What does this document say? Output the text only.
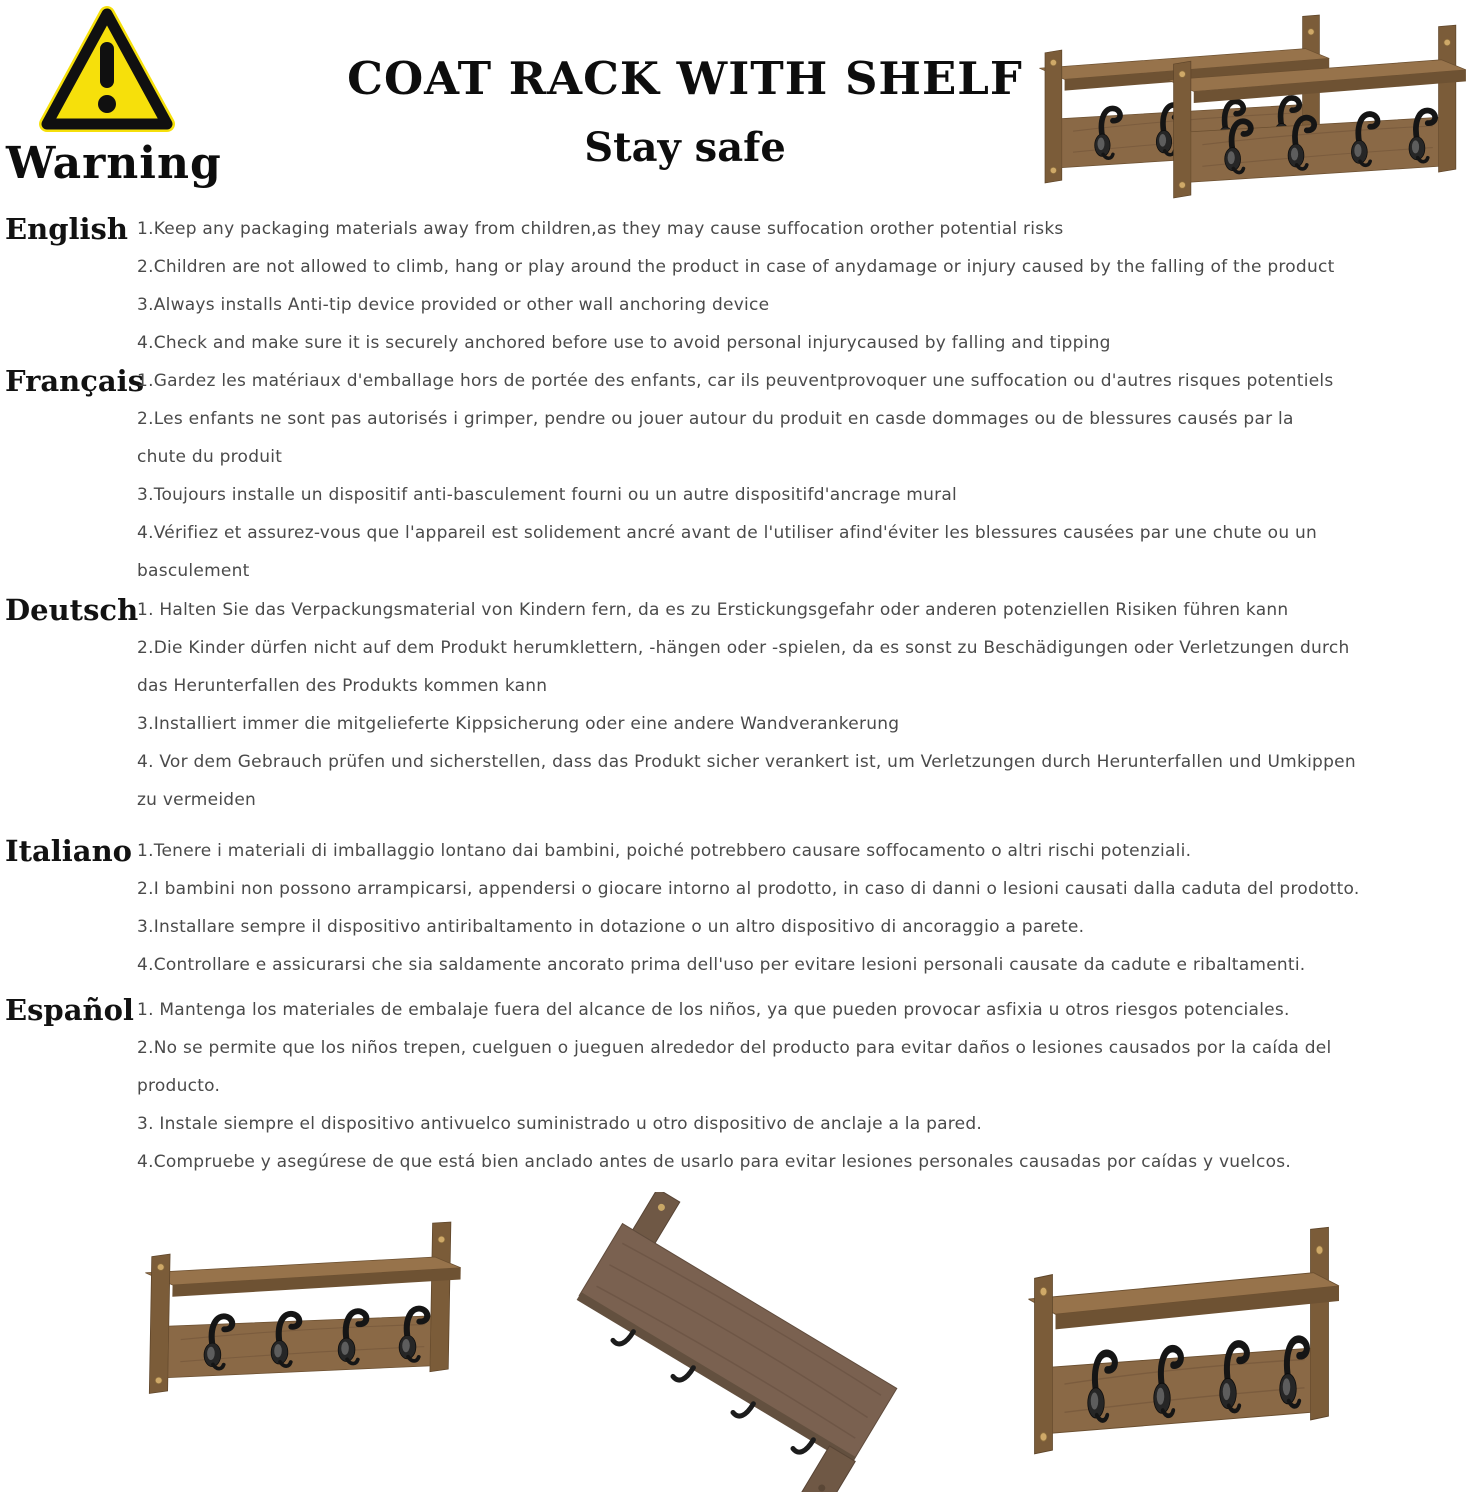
Warning
COAT RACK WITH SHELF
Stay safe
English 1.Keep any packaging materials away from children,as they may cause suffocation orother potential risks
2.Children are not allowed to climb, hang or play around the product in case of anydamage or injury caused by the falling of the product
3.Always installs Anti-tip device provided or other wall anchoring device
4.Check and make sure it is securely anchored before use to avoid personal injurycaused by falling and tipping
Français
1.Gardez les matériaux d'emballage hors de portée des enfants, car ils peuventprovoquer une suffocation ou d'autres risques potentiels
2.Les enfants ne sont pas autorisés i grimper, pendre ou jouer autour du produit en casde dommages ou de blessures causés par la
chute du produit
3.Toujours installe un dispositif anti-basculement fourni ou un autre dispositifd'ancrage mural
4.Vérifiez et assurez-vous que l'appareil est solidement ancré avant de l'utiliser afind'éviter les blessures causées par une chute ou un
basculement
Deutsch
1. Halten Sie das Verpackungsmaterial von Kindern fern, da es zu Erstickungsgefahr oder anderen potenziellen Risiken führen kann
2.Die Kinder dürfen nicht auf dem Produkt herumklettern, -hängen oder -spielen, da es sonst zu Beschädigungen oder Verletzungen durch
das Herunterfallen des Produkts kommen kann
3.Installiert immer die mitgelieferte Kippsicherung oder eine andere Wandverankerung
4. Vor dem Gebrauch prüfen und sicherstellen, dass das Produkt sicher verankert ist, um Verletzungen durch Herunterfallen und Umkippen
zu vermeiden
Italiano 1.Tenere i materiali di imballaggio lontano dai bambini, poiché potrebbero causare soffocamento o altri rischi potenziali.
2.I bambini non possono arrampicarsi, appendersi o giocare intorno al prodotto, in caso di danni o lesioni causati dalla caduta del prodotto.
3.Installare sempre il dispositivo antiribaltamento in dotazione o un altro dispositivo di ancoraggio a parete.
4.Controllare e assicurarsi che sia saldamente ancorato prima dell'uso per evitare lesioni personali causate da cadute e ribaltamenti.
Español 1. Mantenga los materiales de embalaje fuera del alcance de los niños, ya que pueden provocar asfixia u otros riesgos potenciales.
2.No se permite que los niños trepen, cuelguen o jueguen alrededor del producto para evitar daños o lesiones causados por la caída del
producto.
3. Instale siempre el dispositivo antivuelco suministrado u otro dispositivo de anclaje a la pared.
4.Compruebe y asegúrese de que está bien anclado antes de usarlo para evitar lesiones personales causadas por caídas y vuelcos.
